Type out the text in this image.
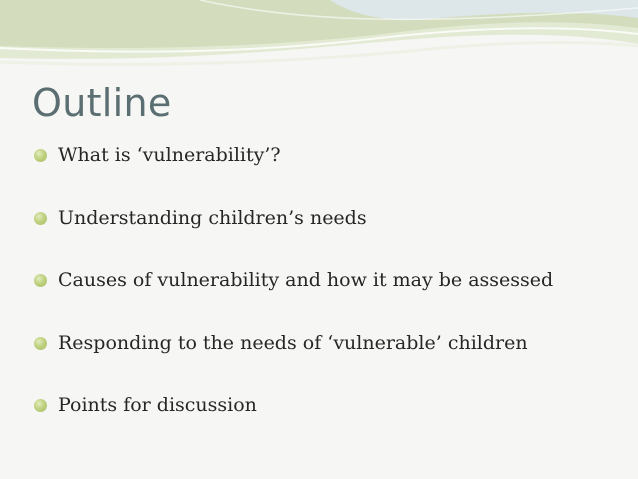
Outline
What is ‘vulnerability’?
Understanding children’s needs
Causes of vulnerability and how it may be assessed
Responding to the needs of ‘vulnerable’ children
Points for discussion
